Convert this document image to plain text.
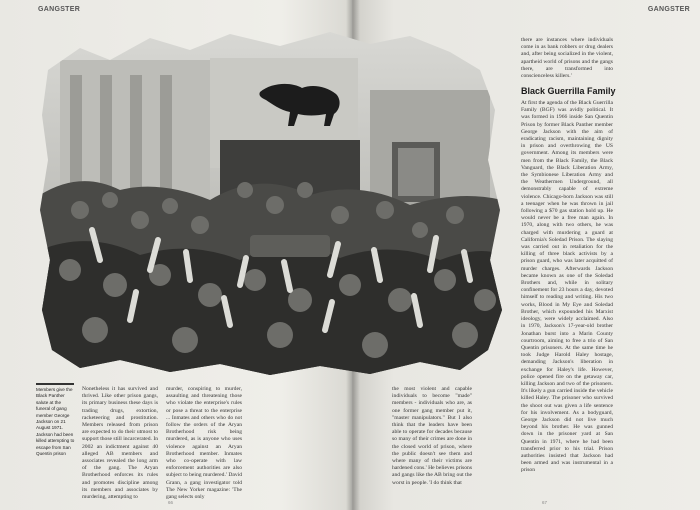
GANGSTER	GANGSTER
Members give the Black Panther salute at the funeral of gang member George Jackson on 21 August 1971. Jackson had been killed attempting to escape from San Quentin prison

Nonetheless it has survived and thrived. Like other prison gangs, its primary business these days is trading drugs, extortion, racketeering and prostitution. Members released from prison are expected to do their utmost to support those still incarcerated. In 2002 an indictment against 40 alleged AB members and associates revealed the long arm of the gang. The Aryan Brotherhood enforces its rules and promotes discipline among its members and associates by murdering, attempting to

murder, conspiring to murder, assaulting and threatening those who violate the enterprise's rules or pose a threat to the enterprise ... Inmates and others who do not follow the orders of the Aryan Brotherhood risk being murdered, as is anyone who uses violence against an Aryan Brotherhood member. Inmates who co-operate with law enforcement authorities are also subject to being murdered.' David Grann, a gang investigator told The New Yorker magazine: 'The gang selects only

the most violent and capable individuals to become "made" members - individuals who are, as one former gang member put it, "master manipulators." But I also think that the leaders have been able to operate for decades because so many of their crimes are done in the closed world of prison, where the public doesn't see them and where many of their victims are hardened cons.' He believes prisons and gangs like the AB bring out the worst in people. 'I do think that

there are instances where individuals come in as bank robbers or drug dealers and, after being socialized in the violent, apartheid world of prisons and the gangs there, are transformed into conscienceless killers.'
Black Guerrilla Family
At first the agenda of the Black Guerrilla Family (BGF) was avidly political. It was formed in 1966 inside San Quentin Prison by former Black Panther member George Jackson with the aim of eradicating racism, maintaining dignity in prison and overthrowing the US government. Among its members were men from the Black Family, the Black Vanguard, the Black Liberation Army, the Symbionese Liberation Army and the Weathermen Underground, all demonstrably capable of extreme violence. Chicago-born Jackson was still a teenager when he was thrown in jail following a $70 gas station hold up. He would never be a free man again. In 1970, along with two others, he was charged with murdering a guard at California's Soledad Prison. The slaying was carried out in retaliation for the killing of three black activists by a prison guard, who was later acquitted of murder charges. Afterwards Jackson became known as one of the Soledad Brothers and, while in solitary confinement for 23 hours a day, devoted himself to reading and writing. His two works, Blood in My Eye and Soledad Brother, which expounded his Marxist ideology, were widely acclaimed. Also in 1970, Jackson's 17-year-old brother Jonathan burst into a Marin County courtroom, aiming to free a trio of San Quentin prisoners. At the same time he took Judge Harold Haley hostage, demanding Jackson's liberation in exchange for Haley's life. However, police opened fire on the getaway car, killing Jackson and two of the prisoners. It's likely a gun carried inside the vehicle killed Haley. The prisoner who survived the shoot out was given a life sentence for his involvement. As a bodyguard, George Jackson did not live much beyond his brother. He was gunned down in the prisoner yard at San Quentin in 1971, where he had been transferred prior to his trial. Prison authorities insisted that Jackson had been armed and was instrumental in a prison
66	67
